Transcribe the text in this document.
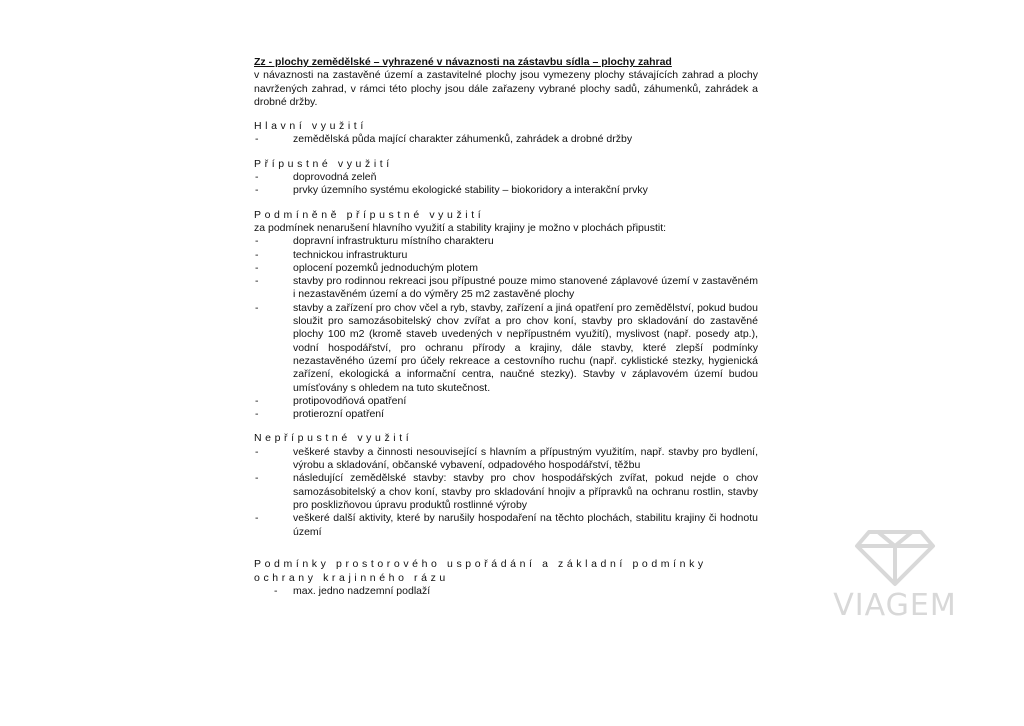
Zz - plochy zemědělské – vyhrazené v návaznosti na zástavbu sídla – plochy zahrad
v návaznosti na zastavěné území a zastavitelné plochy jsou vymezeny plochy stávajících zahrad a plochy navržených zahrad, v rámci této plochy jsou dále zařazeny vybrané plochy sadů, záhumenků, zahrádek a drobné držby.
Hlavní využití
-	zemědělská půda mající charakter záhumenků, zahrádek a drobné držby
Přípustné využití
-	doprovodná zeleň
-	prvky územního systému ekologické stability – biokoridory a interakční prvky
Podmíněně přípustné využití
za podmínek nenarušení hlavního využití a stability krajiny je možno v plochách připustit:
-	dopravní infrastrukturu místního charakteru
-	technickou infrastrukturu
-	oplocení pozemků jednoduchým plotem
-	stavby pro rodinnou rekreaci jsou přípustné pouze mimo stanovené záplavové území v zastavěném i nezastavěném území a do výměry 25 m2 zastavěné plochy
-	stavby a zařízení pro chov včel a ryb, stavby, zařízení a jiná opatření pro zemědělství, pokud budou sloužit pro samozásobitelský chov zvířat a pro chov koní, stavby pro skladování do zastavěné plochy 100 m2 (kromě staveb uvedených v nepřípustném využití), myslivost (např. posedy atp.), vodní hospodářství, pro ochranu přírody a krajiny, dále stavby, které zlepší podmínky nezastavěného území pro účely rekreace a cestovního ruchu (např. cyklistické stezky, hygienická zařízení, ekologická a informační centra, naučné stezky). Stavby v záplavovém území budou umísťovány s ohledem na tuto skutečnost.
-	protipovodňová opatření
-	protierozní opatření
Nepřípustné využití
-	veškeré stavby a činnosti nesouvisející s hlavním a přípustným využitím, např. stavby pro bydlení, výrobu a skladování, občanské vybavení, odpadového hospodářství, těžbu
-	následující zemědělské stavby: stavby pro chov hospodářských zvířat, pokud nejde o chov samozásobitelský a chov koní, stavby pro skladování hnojiv a přípravků na ochranu rostlin, stavby pro posklizňovou úpravu produktů rostlinné výroby
-	veškeré další aktivity, které by narušily hospodaření na těchto plochách, stabilitu krajiny či hodnotu území
Podmínky prostorového uspořádání a základní podmínky ochrany krajinného rázu
- max. jedno nadzemní podlaží	VIAGEM
